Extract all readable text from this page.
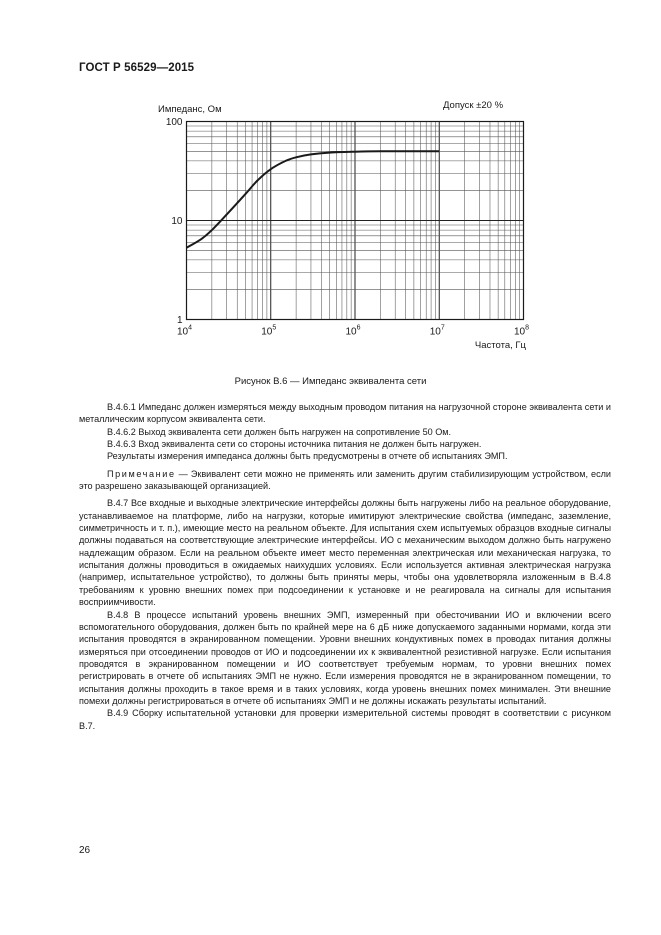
ГОСТ Р 56529—2015
1
10
100
$10^4$	$10^5$	$10^6$	$10^7$	$10^8$
Импеданс, Ом	Допуск ±20 %
Частота, Гц
Рисунок В.6 — Импеданс эквивалента сети

В.4.6.1 Импеданс должен измеряться между выходным проводом питания на нагрузочной стороне эквивалента сети и металлическим корпусом эквивалента сети.

В.4.6.2 Выход эквивалента сети должен быть нагружен на сопротивление 50 Ом.

В.4.6.3 Вход эквивалента сети со стороны источника питания не должен быть нагружен.

Результаты измерения импеданса должны быть предусмотрены в отчете об испытаниях ЭМП.

Примечание — Эквивалент сети можно не применять или заменить другим стабилизирующим устройством, если это разрешено заказывающей организацией.

В.4.7 Все входные и выходные электрические интерфейсы должны быть нагружены либо на реальное оборудование, устанавливаемое на платформе, либо на нагрузки, которые имитируют электрические свойства (импеданс, заземление, симметричность и т. п.), имеющие место на реальном объекте. Для испытания схем испытуемых образцов входные сигналы должны подаваться на соответствующие электрические интерфейсы. ИО с механическим выходом должно быть нагружено надлежащим образом. Если на реальном объекте имеет место переменная электрическая или механическая нагрузка, то испытания должны проводиться в ожидаемых наихудших условиях. Если используется активная электрическая нагрузка (например, испытательное устройство), то должны быть приняты меры, чтобы она удовлетворяла изложенным в В.4.8 требованиям к уровню внешних помех при подсоединении к установке и не реагировала на сигналы для испытания восприимчивости.

В.4.8 В процессе испытаний уровень внешних ЭМП, измеренный при обесточивании ИО и включении всего вспомогательного оборудования, должен быть по крайней мере на 6 дБ ниже допускаемого заданными нормами, когда эти испытания проводятся в экранированном помещении. Уровни внешних кондуктивных помех в проводах питания должны измеряться при отсоединении проводов от ИО и подсоединении их к эквивалентной резистивной нагрузке. Если испытания проводятся в экранированном помещении и ИО соответствует требуемым нормам, то уровни внешних помех регистрировать в отчете об испытаниях ЭМП не нужно. Если измерения проводятся не в экранированном помещении, то испытания должны проходить в такое время и в таких условиях, когда уровень внешних помех минимален. Эти внешние помехи должны регистрироваться в отчете об испытаниях ЭМП и не должны искажать результаты испытаний.

В.4.9 Сборку испытательной установки для проверки измерительной системы проводят в соответствии с рисунком В.7.

26
